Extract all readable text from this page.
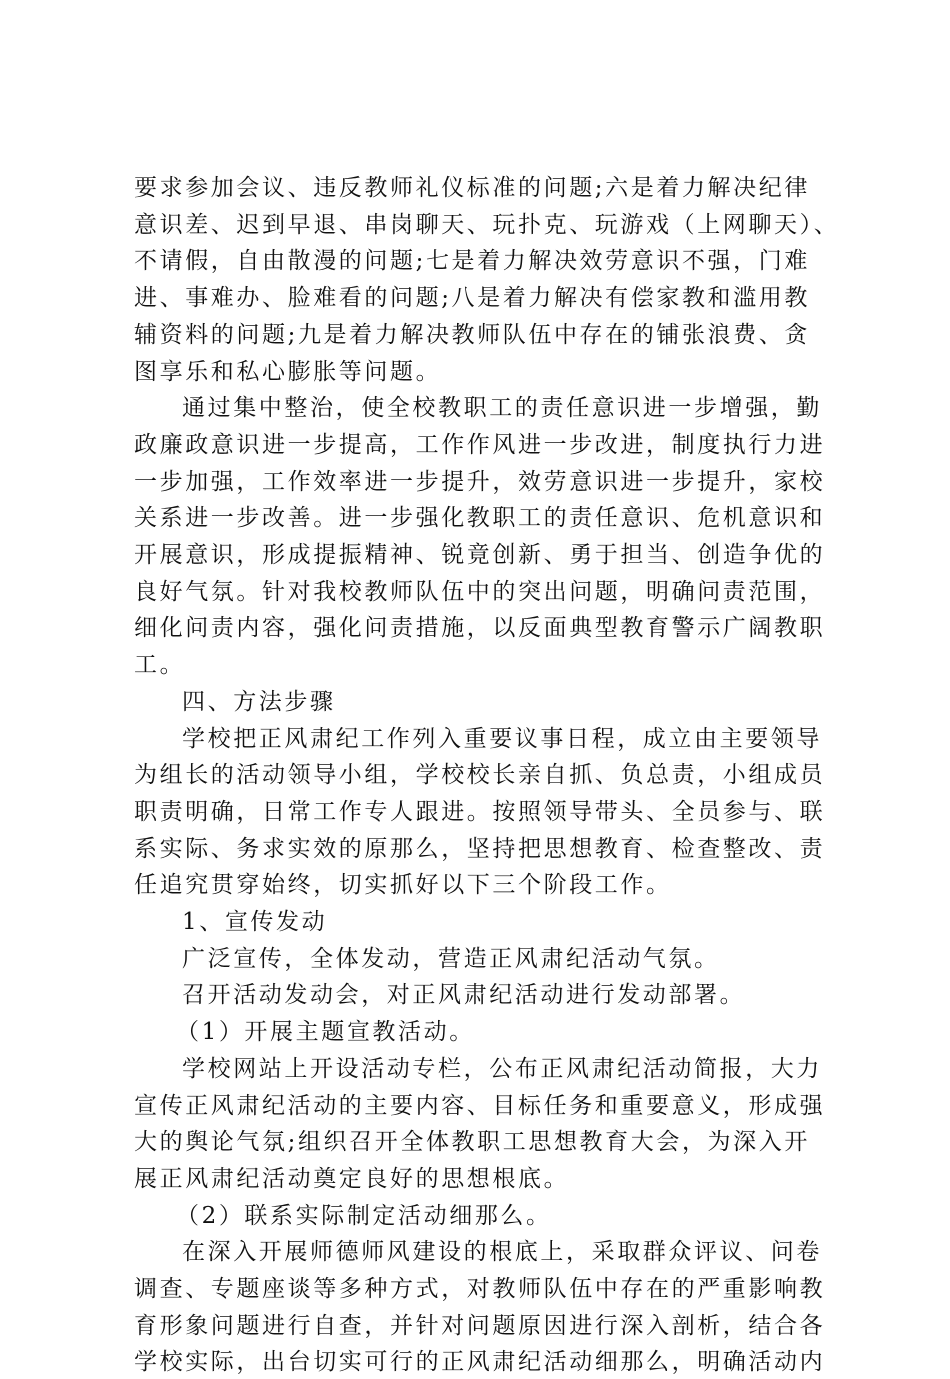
要求参加会议、违反教师礼仪标准的问题;六是着力解决纪律
意识差、迟到早退、串岗聊天、玩扑克、玩游戏（上网聊天）、
不请假，自由散漫的问题;七是着力解决效劳意识不强，门难
进、事难办、脸难看的问题;八是着力解决有偿家教和滥用教
辅资料的问题;九是着力解决教师队伍中存在的铺张浪费、贪
图享乐和私心膨胀等问题。
通过集中整治，使全校教职工的责任意识进一步增强，勤
政廉政意识进一步提高，工作作风进一步改进，制度执行力进
一步加强，工作效率进一步提升，效劳意识进一步提升，家校
关系进一步改善。进一步强化教职工的责任意识、危机意识和
开展意识，形成提振精神、锐竟创新、勇于担当、创造争优的
良好气氛。针对我校教师队伍中的突出问题，明确问责范围，
细化问责内容，强化问责措施，以反面典型教育警示广阔教职
工。
四、方法步骤
学校把正风肃纪工作列入重要议事日程，成立由主要领导
为组长的活动领导小组，学校校长亲自抓、负总责，小组成员
职责明确，日常工作专人跟进。按照领导带头、全员参与、联
系实际、务求实效的原那么，坚持把思想教育、检查整改、责
任追究贯穿始终，切实抓好以下三个阶段工作。
1、宣传发动
广泛宣传，全体发动，营造正风肃纪活动气氛。
召开活动发动会，对正风肃纪活动进行发动部署。
（1）开展主题宣教活动。
学校网站上开设活动专栏，公布正风肃纪活动简报，大力
宣传正风肃纪活动的主要内容、目标任务和重要意义，形成强
大的舆论气氛;组织召开全体教职工思想教育大会，为深入开
展正风肃纪活动奠定良好的思想根底。
（2）联系实际制定活动细那么。
在深入开展师德师风建设的根底上，采取群众评议、问卷
调查、专题座谈等多种方式，对教师队伍中存在的严重影响教
育形象问题进行自查，并针对问题原因进行深入剖析，结合各
学校实际，出台切实可行的正风肃纪活动细那么，明确活动内
